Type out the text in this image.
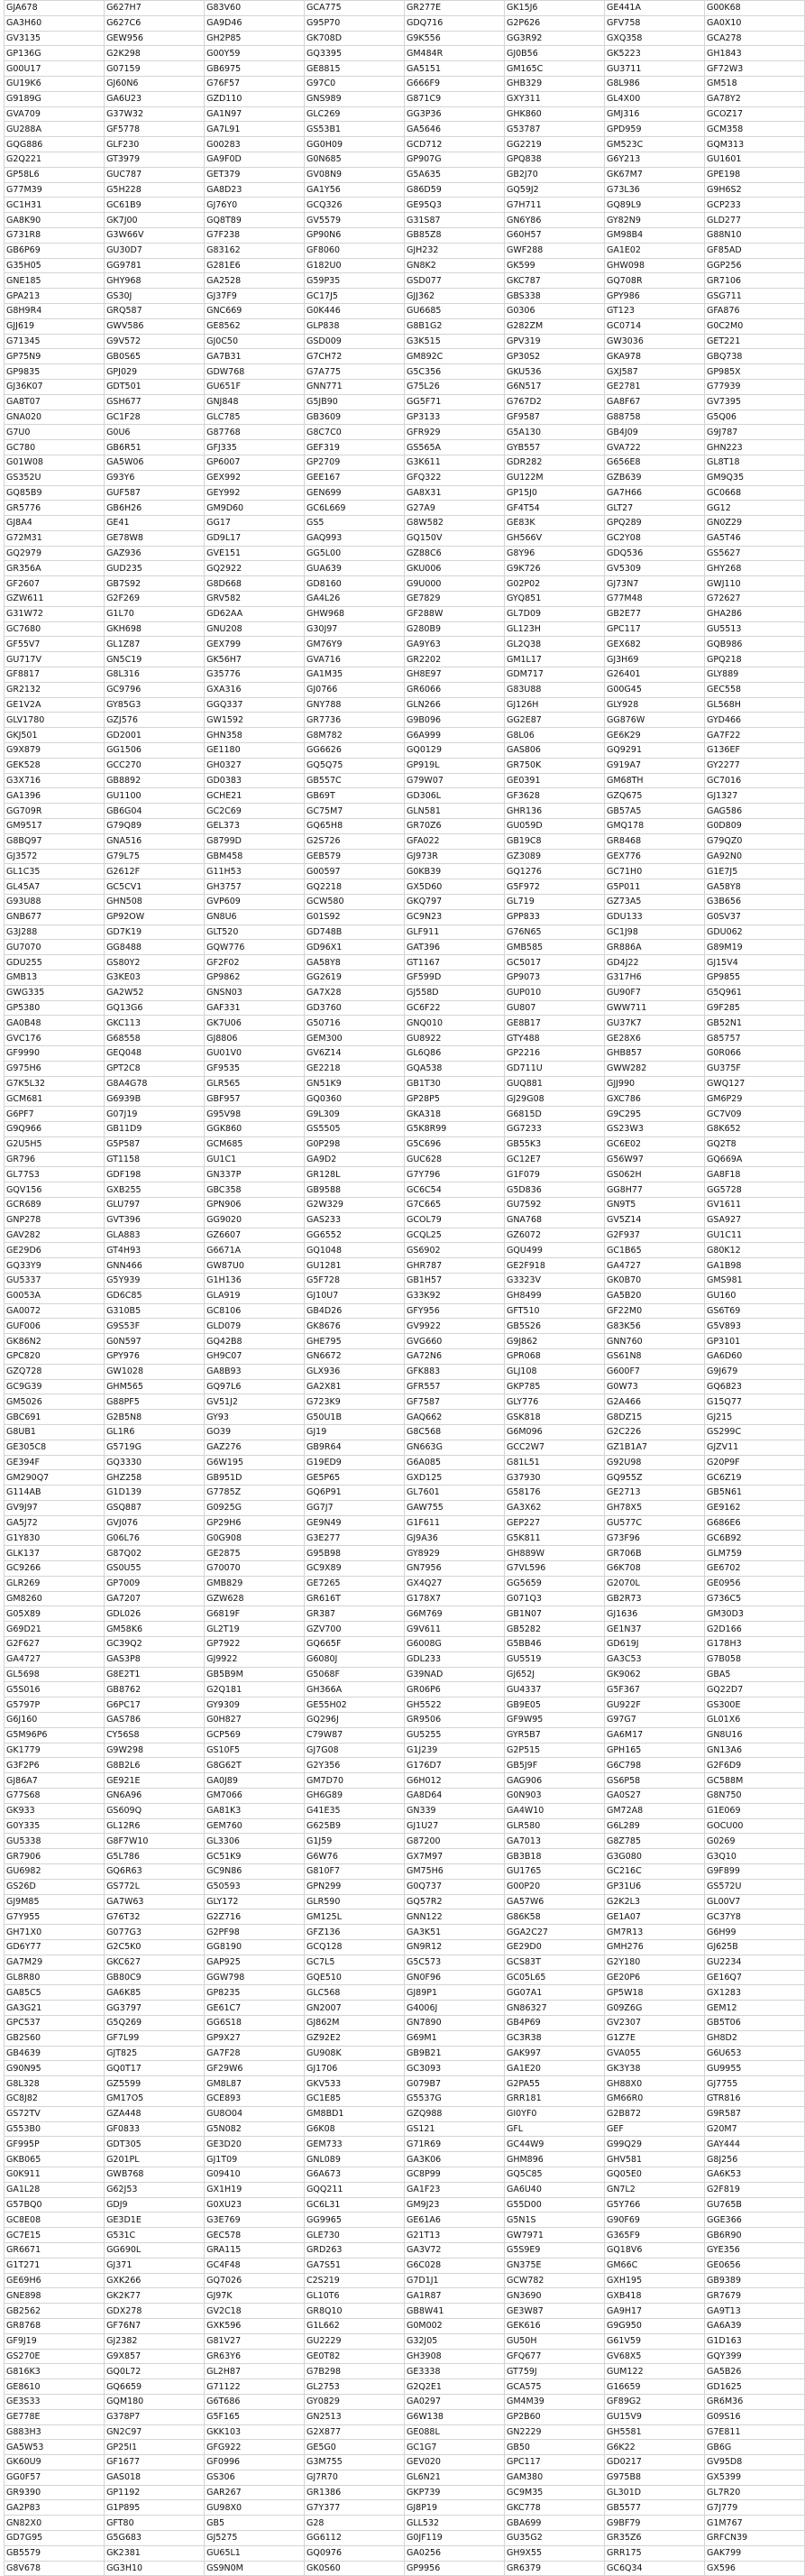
GJA678	G627H7	G83V60	GCA775	GR277E	GK15J6	GE441A	G00K68
GA3H60	G627C6	GA9D46	G95P70	GDQ716	G2P626	GFV758	GA0X10
GV3135	GEW956	GH2P85	GK708D	G9K556	GG3R92	GXQ358	GCA278
GP136G	G2K298	G00Y59	GQ3395	GM484R	GJ0B56	GK5223	GH1843
G00U17	G07159	GB6975	GE8815	GA5151	GM165C	GU3711	GF72W3
GU19K6	GJ60N6	G76F57	G97C0	G666F9	GHB329	G8L986	GM518
G9189G	GA6U23	GZD110	GNS989	G871C9	GXY311	GL4X00	GA78Y2
GVA709	G37W32	GA1N97	GLC269	GG3P36	GHK860	GMJ316	GCOZ17
GU288A	GF5778	GA7L91	GS53B1	GA5646	G53787	GPD959	GCM358
GQG886	GLF230	G00283	GG0H09	GCD712	GG2219	GM523C	GQM313
G2Q221	GT3979	GA9F0D	G0N685	GP907G	GPQ838	G6Y213	GU1601
GP58L6	GUC787	GET379	GV08N9	G5A635	GB2J70	GK67M7	GPE198
G77M39	G5H228	GA8D23	GA1Y56	G86D59	GQ59J2	G73L36	G9H6S2
GC1H31	GC61B9	GJ76Y0	GCQ326	GE95Q3	G7H711	GQ89L9	GCP233
GA8K90	GK7J00	GQ8T89	GV5579	G31S87	GN6Y86	GY82N9	GLD277
G731R8	G3W66V	G7F238	GP90N6	GB85Z8	G60H57	GM98B4	G88N10
GB6P69	GU30D7	G83162	GF8060	GJH232	GWF288	GA1E02	GF85AD
G35H05	GG9781	G281E6	G182U0	GN8K2	GK599	GHW098	GGP256
GNE185	GHY968	GA2528	G59P35	GSD077	GKC787	GQ708R	GR7106
GPA213	GS30J	GJ37F9	GC17J5	GJJ362	GBS338	GPY986	GSG711
G8H9R4	GRQ587	GNC669	G0K446	GU6685	G0306	GT123	GFA876
GJJ619	GWV586	GE8562	GLP838	G8B1G2	G282ZM	GC0714	G0C2M0
G71345	G9V572	GJ0C50	GSD009	G3K515	GPV319	GW3036	GET221
GP75N9	GB0S65	GA7B31	G7CH72	GM892C	GP30S2	GKA978	GBQ738
GP9835	GPJ029	GDW768	G7A775	G5C356	GKU536	GXJ587	GP985X
GJ36K07	GDT501	GU651F	GNN771	G75L26	G6N517	GE2781	G77939
GA8T07	GSH677	GNJ848	G5JB90	GG5F71	G767D2	GA8F67	GV7395
GNA020	GC1F28	GLC785	GB3609	GP3133	GF9587	G88758	G5Q06
G7U0	G0U6	G87768	G8C7C0	GFR929	G5A130	GB4J09	G9J787
GC780	GB6R51	GFJ335	GEF319	GS565A	GYB557	GVA722	GHN223
G01W08	GA5W06	GP6007	GP2709	G3K611	GDR282	G656E8	GL8T18
GS352U	G93Y6	GEX992	GEE167	GFQ322	GU122M	GZB639	GM9Q35
GQ85B9	GUF587	GEY992	GEN699	GA8X31	GP15J0	GA7H66	GC0668
GR5776	GB6H26	GM9D60	GC6L669	G27A9	GF4T54	GLT27	GG12
GJ8A4	GE41	GG17	GS5	G8W582	GE83K	GPQ289	GN0Z29
G72M31	GE78W8	GD9L17	GAQ993	GQ150V	GH566V	GC2Y08	GA5T46
GQ2979	GAZ936	GVE151	GG5L00	GZ88C6	G8Y96	GDQ536	GS5627
GR356A	GUD235	GQ2922	GUA639	GKU006	G9K726	GV5309	GHY268
GF2607	GB7S92	G8D668	GD8160	G9U000	G02P02	GJ73N7	GWJ110
GZW611	G2F269	GRV582	GA4L26	GE7829	GYQ851	G77M48	G72627
G31W72	G1L70	GD62AA	GHW968	GF288W	GL7D09	GB2E77	GHA286
GC7680	GKH698	GNU208	G30J97	G280B9	GL123H	GPC117	GU5513
GF55V7	GL1Z87	GEX799	GM76Y9	GA9Y63	GL2Q38	GEX682	GQB986
GU717V	GN5C19	GK56H7	GVA716	GR2202	GM1L17	GJ3H69	GPQ218
GF8817	G8L316	G35776	GA1M35	GH8E97	GDM717	G26401	GLY889
GR2132	GC9796	GXA316	GJ0766	GR6066	G83U88	G00G45	GEC558
GE1V2A	GY85G3	GGQ337	GNY788	GLN266	GJ126H	GLY928	GL568H
GLV1780	GZJ576	GW1592	GR7736	G9B096	GG2E87	GG876W	GYD466
GKJ501	GD2001	GHN358	G8M782	G6A999	G8L06	GE6K29	GA7F22
G9X879	GG1506	GE1180	GG6626	GQ0129	GAS806	GQ9291	G136EF
GEK528	GCC270	GH0327	GQ5Q75	GP919L	GR750K	G919A7	GY2277
G3X716	GB8892	GD0383	GB557C	G79W07	GE0391	GM68TH	GC7016
GA1396	GU1100	GCHE21	GB69T	GD306L	GF3628	GZQ675	GJ1327
GG709R	GB6G04	GC2C69	GC75M7	GLN581	GHR136	GB57A5	GAG586
GM9517	G79Q89	GEL373	GQ65H8	GR70Z6	GU059D	GMQ178	G0D809
G8BQ97	GNA516	G8799D	G2S726	GFA022	GB19C8	GR8468	G79QZ0
GJ3572	G79L75	GBM458	GEB579	GJ973R	GZ3089	GEX776	GA92N0
GL1C35	G2612F	G11H53	G00597	G0KB39	GQ1276	GC71H0	G1E7J5
GL45A7	GC5CV1	GH3757	GQ2218	GX5D60	G5F972	G5P011	GA58Y8
G93U88	GHN508	GVP609	GCW580	GKQ797	GL719	GZ73A5	G3B656
GNB677	GP92OW	GN8U6	G01S92	GC9N23	GPP833	GDU133	G0SV37
G3J288	GD7K19	GLT520	GD748B	GLF911	G76N65	GC1J98	GDU062
GU7070	GG8488	GQW776	GD96X1	GAT396	GMB585	GR886A	G89M19
GDU255	GS80Y2	GF2F02	GA58Y8	GT1167	GC5017	GD4J22	GJ15V4
GMB13	G3KE03	GP9862	GG2619	GF599D	GP9073	G317H6	GP9855
GWG335	GA2W52	GNSN03	GA7X28	GJ558D	GUP010	GU90F7	G5Q961
GP5380	GQ13G6	GAF331	GD3760	GC6F22	GU807	GWW711	G9F285
GA0B48	GKC113	GK7U06	G50716	GNQ010	GE8B17	GU37K7	GB52N1
GVC176	G68558	GJ8806	GEM300	GU8922	GTY488	GE28X6	G85757
GF9990	GEQ048	GU01V0	GV6Z14	GL6Q86	GP2216	GHB857	G0R066
G975H6	GPT2C8	GF9535	GE2218	GQA538	GD711U	GWW282	GU375F
G7K5L32	G8A4G78	GLR565	GN51K9	GB1T30	GUQ881	GJJ990	GWQ127
GCM681	G6939B	GBF957	GQ0360	GP28P5	GJ29G08	GXC786	GM6P29
G6PF7	G07J19	G95V98	G9L309	GKA318	G6815D	G9C295	GC7V09
G9Q966	GB11D9	GGK860	GS5505	G5K8R99	GG7233	GS23W3	G8K652
G2U5H5	G5P587	GCM685	G0P298	G5C696	GB55K3	GC6E02	GQ2T8
GR796	GT1158	GU1C1	GA9D2	GUC628	GC12E7	G56W97	GQ669A
GL77S3	GDF198	GN337P	GR128L	G7Y796	G1F079	GS062H	GA8F18
GQV156	GXB255	GBC358	GB9588	GC6C54	G5D836	GG8H77	GG5728
GCR689	GLU797	GPN906	G2W329	G7C665	GU7592	GN9T5	GV1611
GNP278	GVT396	GG9020	GAS233	GCOL79	GNA768	GV5Z14	GSA927
GAV282	GLA883	GZ6607	GG6552	GCQL25	GZ6072	G2F937	GU1C11
GE29D6	GT4H93	G6671A	GQ1048	GS6902	GQU499	GC1B65	G80K12
GQ33Y9	GNN466	GW87U0	GU1281	GHR787	GE2F918	GA4727	GA1B98
GU5337	G5Y939	G1H136	G5F728	GB1H57	G3323V	GK0B70	GMS981
G0053A	GD6C85	GLA919	GJ10U7	G33K92	GH8499	GA5B20	GU160
GA0072	G310B5	GC8106	GB4D26	GFY956	GFT510	GF22M0	GS6T69
GUF006	G9S53F	GLD079	GK8676	GV9922	GB5S26	G83K56	G5V893
GK86N2	G0N597	GQ42B8	GHE795	GVG660	G9J862	GNN760	GP3101
GPC820	GPY976	GH9C07	GN6672	GA72N6	GPR068	GS61N8	GA6D60
GZQ728	GW1028	GA8B93	GLX936	GFK883	GLJ108	G600F7	G9J679
GC9G39	GHM565	GQ97L6	GA2X81	GFR557	GKP785	G0W73	GQ6823
GM5026	G88PF5	GV51J2	G723K9	GF7587	GLY776	G2A466	G15Q77
GBC691	G2B5N8	GY93	G50U1B	GAQ662	GSK818	G8DZ15	GJ215
G8UB1	GL1R6	GO39	GJ19	G8C568	G6M096	G2C226	GS299C
GE305C8	G5719G	GAZ276	GB9R64	GN663G	GCC2W7	GZ1B1A7	GJZV11
GE394F	GQ3330	G6W195	G19ED9	G6A085	G81L51	G92U98	G20P9F
GM290Q7	GHZ258	GB951D	GE5P65	GXD125	G37930	GQ955Z	GC6Z19
G114AB	G1D139	G7785Z	GQ6P91	GL7601	G58176	GE2713	GB5N61
GV9J97	GSQ887	G0925G	GG7J7	GAW755	GA3X62	GH78X5	GE9162
GA5J72	GVJ076	GP29H6	GE9N49	G1F611	GEP227	GU577C	G686E6
G1Y830	G06L76	G0G908	G3E277	GJ9A36	G5K811	G73F96	GC6B92
GLK137	G87Q02	GE2875	G95B98	GY8929	GH889W	GR706B	GLM759
GC9266	GS0U55	G70070	GC9X89	GN7956	G7VL596	G6K708	GE6702
GLR269	GP7009	GMB829	GE7265	GX4Q27	GG5659	G2070L	GE0956
GM8260	GA7207	GZW628	GR616T	G178X7	G071Q3	GB2R73	G736C5
G05X89	GDL026	G6819F	GR387	G6M769	GB1N07	GJ1636	GM30D3
G69D21	GM58K6	GL2T19	GZV700	G9V611	GB5282	GE1N37	G2D166
G2F627	GC39Q2	GP7922	GQ665F	G6008G	G5BB46	GD619J	G178H3
GA4727	GAS3P8	GJ9922	G6080J	GDL233	GU5519	GA3C53	G7B058
GL5698	G8E2T1	GB5B9M	G5068F	G39NAD	GJ652J	GK9062	GBA5
G5S016	GB8762	G2Q181	GH366A	GR06P6	GU4337	G5F367	GQ22D7
G5797P	G6PC17	GY9309	GE55H02	GH5522	GB9E05	GU922F	GS300E
G6J160	GAS786	G0H827	GQ296J	GR9506	GF9W95	G97G7	GL01X6
G5M96P6	CY56S8	GCP569	C79W87	GU5255	GYR5B7	GA6M17	GN8U16
GK1779	G9W298	GS10F5	GJ7G08	G1J239	G2P515	GPH165	GN13A6
G3F2P6	G8B2L6	G8G62T	G2Y356	G176D7	GB5J9F	G6C798	G2F6D9
GJ86A7	GE921E	GA0J89	GM7D70	G6H012	GAG906	GS6P58	GC588M
G77S68	GN6A96	GM7066	GH6G89	GA8D64	G0N903	GA0S27	G8N750
GK933	GS609Q	GA81K3	G41E35	GN339	GA4W10	GM72A8	G1E069
G0Y335	GL12R6	GEM760	G625B9	GJ1U27	GLR580	G6L289	GOCU00
GU5338	G8F7W10	GL3306	G1J59	G87200	GA7013	G8Z785	G0269
GR7906	G5L786	GC51K9	G6W76	GX7M97	GB3B18	G3G080	G3Q10
GU6982	GQ6R63	GC9N86	G810F7	GM75H6	GU1765	GC216C	G9F899
GS26D	GS772L	G50593	GPN299	G0Q737	G00P20	GP31U6	GS572U
GJ9M85	GA7W63	GLY172	GLR590	GQ57R2	GA57W6	G2K2L3	GL00V7
G7Y955	G76T32	G2Z716	GM125L	GNN122	G86K58	GE1A07	GC37Y8
GH71X0	G077G3	G2PF98	GFZ136	GA3K51	GGA2C27	GM7R13	G6H99
GD6Y77	G2C5K0	GG8190	GCQ128	GN9R12	GE29D0	GMH276	GJ625B
GA7M29	GKC627	GAP925	GC7L5	G5C573	GCS83T	G2Y180	GU2234
GL8R80	GB80C9	GGW798	GQE510	GN0F96	GC05L65	GE20P6	GE16Q7
GA85C5	GA6K85	GP8235	GLC568	GJ89P1	GG07A1	GP5W18	GX1283
GA3G21	GG3797	GE61C7	GN2007	G4006J	GN86327	G09Z6G	GEM12
GPC537	G5Q269	GG6S18	GJ862M	GN7890	GB4P69	GV2307	GB5T06
GB2S60	GF7L99	GP9X27	GZ92E2	G69M1	GC3R38	G1Z7E	GH8D2
GB4639	GJT825	GA7F28	GU908K	GB9B21	GAK997	GVA055	G6U653
G90N95	GQ0T17	GF29W6	GJ1706	GC3093	GA1E20	GK3Y38	GU9955
G8L328	GZ5599	GM8L87	GKV533	G079B7	G2PA55	GH88X0	GJ7755
GC8J82	GM17O5	GCE893	GC1E85	G5537G	GRR181	GM66R0	GTR816
GS72TV	GZA448	GU8O04	GM8BD1	GZQ988	GI0YF0	G2B872	G9R587
G553B0	GF0833	G5N082	G6K08	GS121	GFL	GEF	G20M7
GF995P	GDT305	GE3D20	GEM733	G71R69	GC44W9	G99Q29	GAY444
GKB065	G201PL	GJ1T09	GNL089	GA3K06	GHM896	GHV581	G8J256
G0K911	GWB768	G09410	G6A673	GC8P99	GQ5C85	GQ05E0	GA6K53
GA1L28	G62J53	GX1H19	GQQ211	GA1F23	GA6U40	GN7L2	G2F819
G57BQ0	GDJ9	G0XU23	GC6L31	GM9J23	G55D00	G5Y766	GU765B
GC8E08	GE3D1E	G3E769	GG9965	GE61A6	G5N1S	G90F69	GGE366
GC7E15	G531C	GEC578	GLE730	G21T13	GW7971	G365F9	GB6R90
GR6671	GG690L	GRA115	GRD263	GA3V72	G5S9E9	GQ18V6	GYE356
G1T271	GJ371	GC4F48	GA7S51	G6C028	GN375E	GM66C	GE0656
GE69H6	GXK266	GQ7026	C2S219	G7D1J1	GCW782	GXH195	GB9389
GNE898	GK2K77	GJ97K	GL10T6	GA1R87	GN3690	GXB418	GR7679
GB2562	GDX278	GV2C18	GR8Q10	GB8W41	GE3W87	GA9H17	GA9T13
GR8768	GF76N7	GXK596	G1L662	G0M002	GEK616	G9G950	GA6A39
GF9J19	GJ2382	G81V27	GU2229	G32J05	GU50H	G61V59	G1D163
GS270E	G9X857	GR63Y6	GE0T82	GH3908	GFQ677	GV68X5	GQY399
G816K3	GQ0L72	GL2H87	G7B298	GE3338	GT759J	GUM122	GA5B26
GE8610	GQ6659	G71122	GL2753	G2Q2E1	GCA575	G16659	GD1625
GE3S33	GQM180	G6T686	GY0829	GA0297	GM4M39	GF89G2	GR6M36
GE778E	G378P7	G5F165	GN2513	G6W138	GP2B60	GU15V9	G09S16
G883H3	GN2C97	GKK103	G2X877	GE088L	GN2229	GH5581	G7E811
GA5W53	GP25I1	GFG922	GE5G0	GC1G7	GB50	G6K22	GB6G
GK60U9	GF1677	GF0996	G3M755	GEV020	GPC117	GD0217	GV95D8
GG0F57	GAS018	GS306	GJ7R70	GL6N21	GAM380	G975B8	GX5399
GR9390	GP1192	GAR267	GR1386	GKP739	GC9M35	GL301D	GL7R20
GA2P83	G1P895	GU98X0	G7Y377	GJ8P19	GKC778	GB5577	G7J779
GN82X0	GFT80	GB5	G28	GLL532	GBA699	G9BF79	G1M767
GD7G95	G5G683	GJ5275	GG6112	G0JF119	GU35G2	GR35Z6	GRFCN39
GB5579	GK2381	GU65L1	GQ0976	GA0256	GH9X55	GRR175	GAK799
G8V678	GG3H10	GS9N0M	GK0S60	GP9956	GR6379	GC6Q34	GX596
